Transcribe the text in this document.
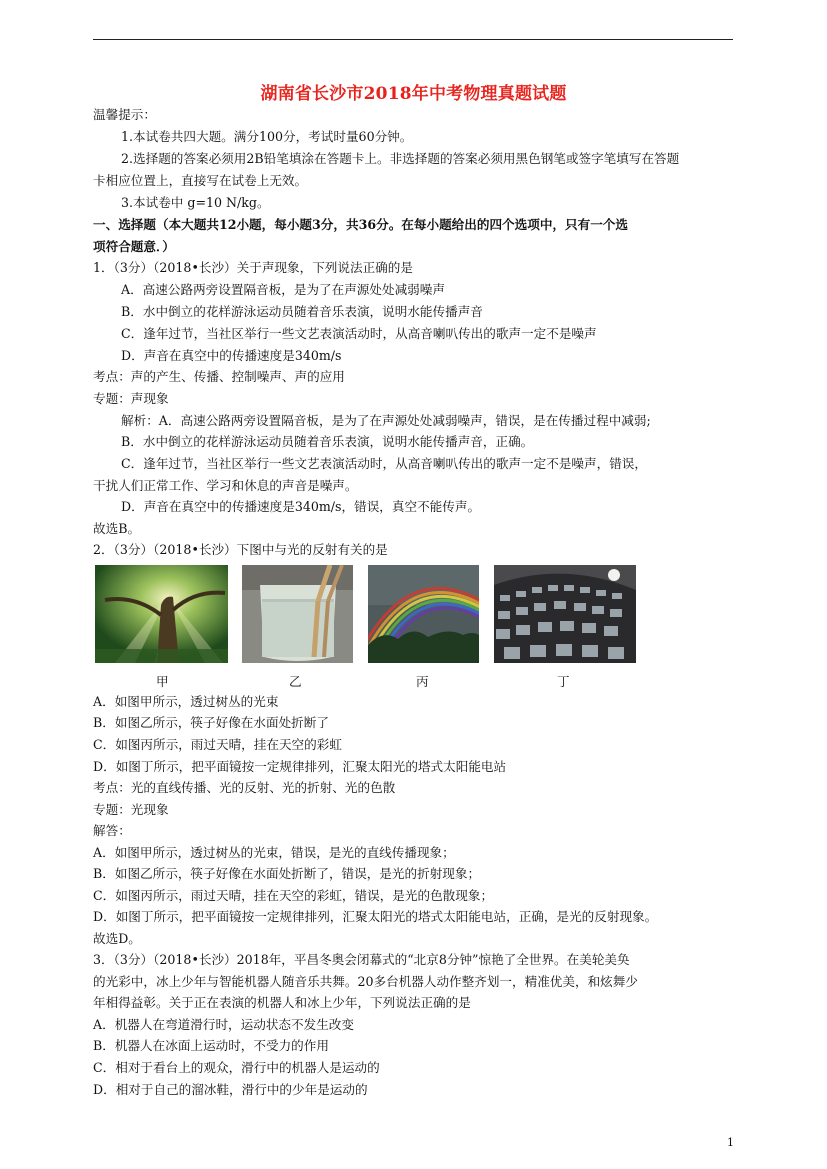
湖南省长沙市2018年中考物理真题试题
温馨提示：
1.本试卷共四大题。满分100分，考试时量60分钟。
2.选择题的答案必须用2B铅笔填涂在答题卡上。非选择题的答案必须用黑色钢笔或签字笔填写在答题
卡相应位置上，直接写在试卷上无效。
3.本试卷中 g=10 N/kg。
一、选择题（本大题共12小题，每小题3分，共36分。在每小题给出的四个选项中，只有一个选
项符合题意．）
1．（3分）（2018•长沙）关于声现象，下列说法正确的是
A．高速公路两旁设置隔音板，是为了在声源处处减弱噪声
B．水中倒立的花样游泳运动员随着音乐表演，说明水能传播声音
C．逢年过节，当社区举行一些文艺表演活动时，从高音喇叭传出的歌声一定不是噪声
D．声音在真空中的传播速度是340m/s
考点：声的产生、传播、控制噪声、声的应用
专题：声现象
解析：A．高速公路两旁设置隔音板，是为了在声源处处减弱噪声，错误，是在传播过程中减弱;
B．水中倒立的花样游泳运动员随着音乐表演，说明水能传播声音，正确。
C．逢年过节，当社区举行一些文艺表演活动时，从高音喇叭传出的歌声一定不是噪声，错误，
干扰人们正常工作、学习和休息的声音是噪声。
D．声音在真空中的传播速度是340m/s，错误，真空不能传声。
故选B。
2．（3分）（2018•长沙）下图中与光的反射有关的是
甲	乙	丙	丁
A．如图甲所示，透过树丛的光束
B．如图乙所示，筷子好像在水面处折断了
C．如图丙所示，雨过天晴，挂在天空的彩虹
D．如图丁所示，把平面镜按一定规律排列，汇聚太阳光的塔式太阳能电站
考点：光的直线传播、光的反射、光的折射、光的色散
专题：光现象
解答：
A．如图甲所示，透过树丛的光束，错误，是光的直线传播现象；
B．如图乙所示，筷子好像在水面处折断了，错误，是光的折射现象；
C．如图丙所示，雨过天晴，挂在天空的彩虹，错误，是光的色散现象；
D．如图丁所示，把平面镜按一定规律排列，汇聚太阳光的塔式太阳能电站，正确，是光的反射现象。
故选D。
3．（3分）（2018•长沙）2018年，平昌冬奥会闭幕式的“北京8分钟”惊艳了全世界。在美轮美奂
的光彩中，冰上少年与智能机器人随音乐共舞。20多台机器人动作整齐划一，精准优美，和炫舞少
年相得益彰。关于正在表演的机器人和冰上少年，下列说法正确的是
A．机器人在弯道滑行时，运动状态不发生改变
B．机器人在冰面上运动时，不受力的作用
C．相对于看台上的观众，滑行中的机器人是运动的
D．相对于自己的溜冰鞋，滑行中的少年是运动的
1
